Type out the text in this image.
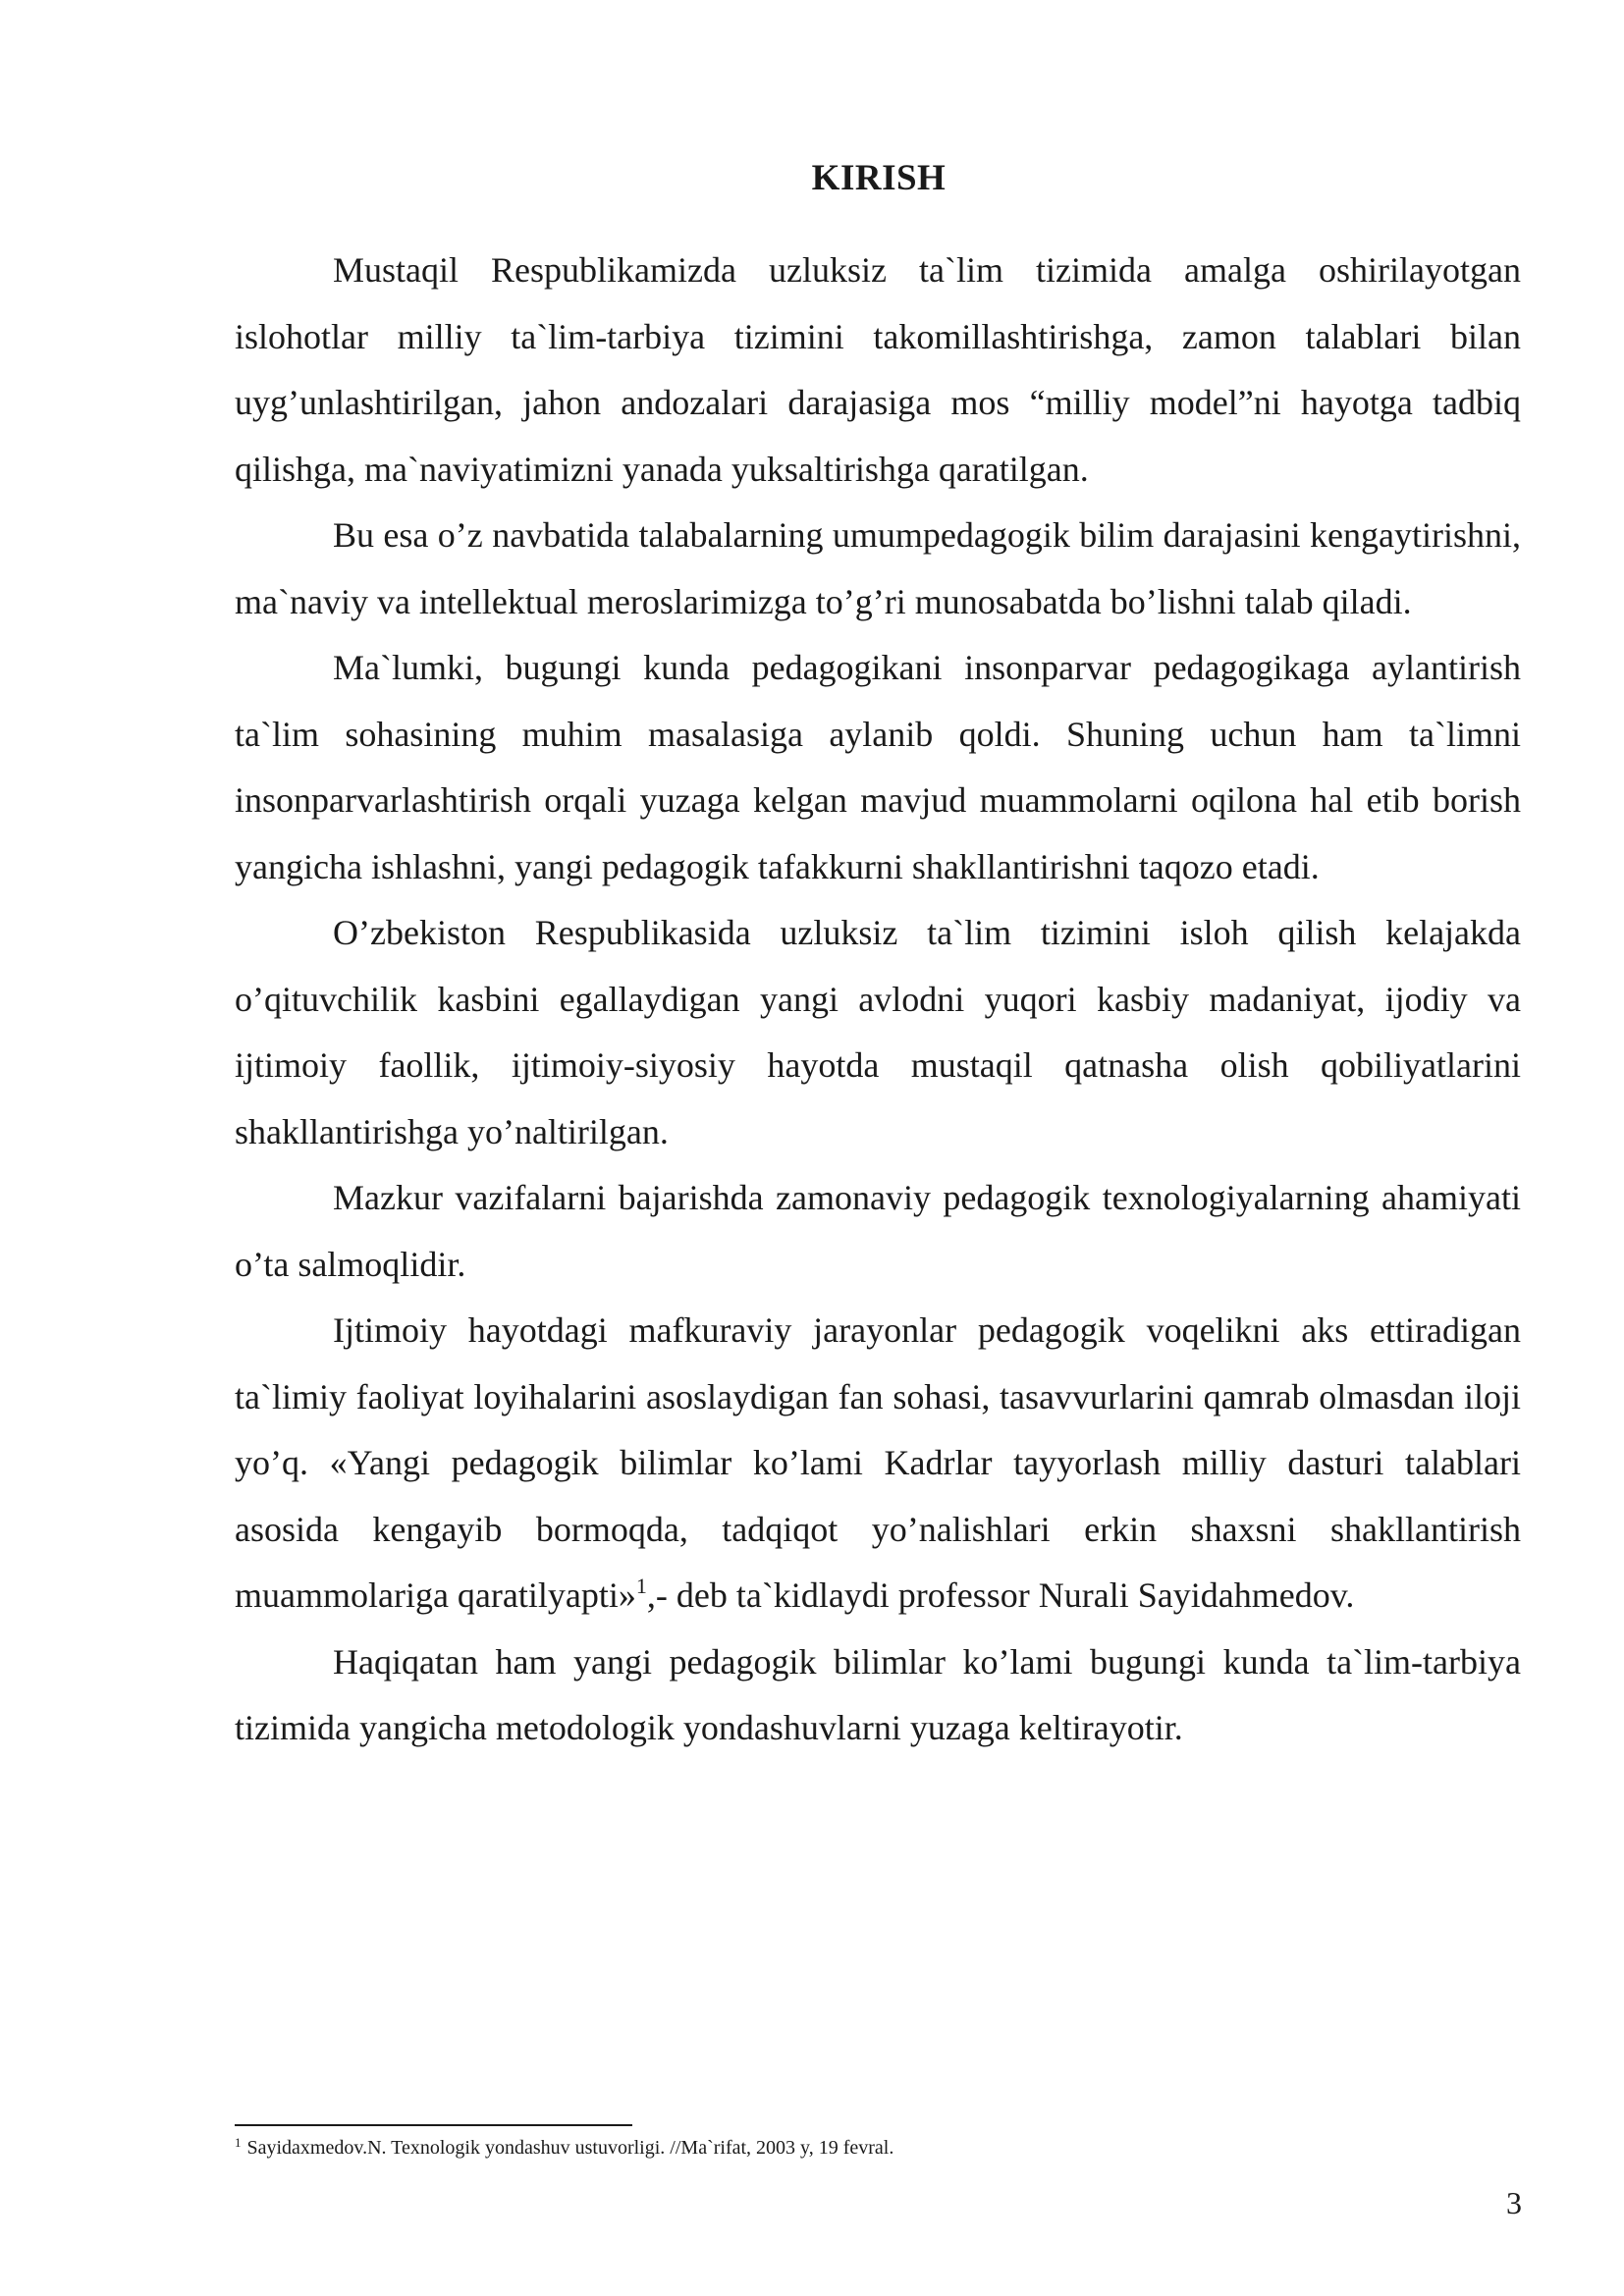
KIRISH

Mustaqil Respublikamizda uzluksiz ta`lim tizimida amalga oshirilayotgan islohotlar milliy ta`lim-tarbiya tizimini takomillashtirishga, zamon talablari bilan uyg’unlashtirilgan, jahon andozalari darajasiga mos “milliy model”ni hayotga tadbiq qilishga, ma`naviyatimizni yanada yuksaltirishga qaratilgan.

Bu esa o’z navbatida talabalarning umumpedagogik bilim darajasini kengaytirishni, ma`naviy va intellektual meroslarimizga to’g’ri munosabatda bo’lishni talab qiladi.

Ma`lumki, bugungi kunda pedagogikani insonparvar pedagogikaga aylantirish ta`lim sohasining muhim masalasiga aylanib qoldi. Shuning uchun ham ta`limni insonparvarlashtirish orqali yuzaga kelgan mavjud muammolarni oqilona hal etib borish yangicha ishlashni, yangi pedagogik tafakkurni shakllantirishni taqozo etadi.

O’zbekiston Respublikasida uzluksiz ta`lim tizimini isloh qilish kelajakda o’qituvchilik kasbini egallaydigan yangi avlodni yuqori kasbiy madaniyat, ijodiy va ijtimoiy faollik, ijtimoiy-siyosiy hayotda mustaqil qatnasha olish qobiliyatlarini shakllantirishga yo’naltirilgan.

Mazkur vazifalarni bajarishda zamonaviy pedagogik texnologiyalarning ahamiyati o’ta salmoqlidir.

Ijtimoiy hayotdagi mafkuraviy jarayonlar pedagogik voqelikni aks ettiradigan ta`limiy faoliyat loyihalarini asoslaydigan fan sohasi, tasavvurlarini qamrab olmasdan iloji yo’q. «Yangi pedagogik bilimlar ko’lami Kadrlar tayyorlash milliy dasturi talablari asosida kengayib bormoqda, tadqiqot yo’nalishlari erkin shaxsni shakllantirish muammolariga qaratilyapti»$^1$,- deb ta`kidlaydi professor Nurali Sayidahmedov.

Haqiqatan ham yangi pedagogik bilimlar ko’lami bugungi kunda ta`lim-tarbiya tizimida yangicha metodologik yondashuvlarni yuzaga keltirayotir.

$^1$ Sayidaxmedov.N. Texnologik yondashuv ustuvorligi. //Ma`rifat, 2003 y, 19 fevral.
3
